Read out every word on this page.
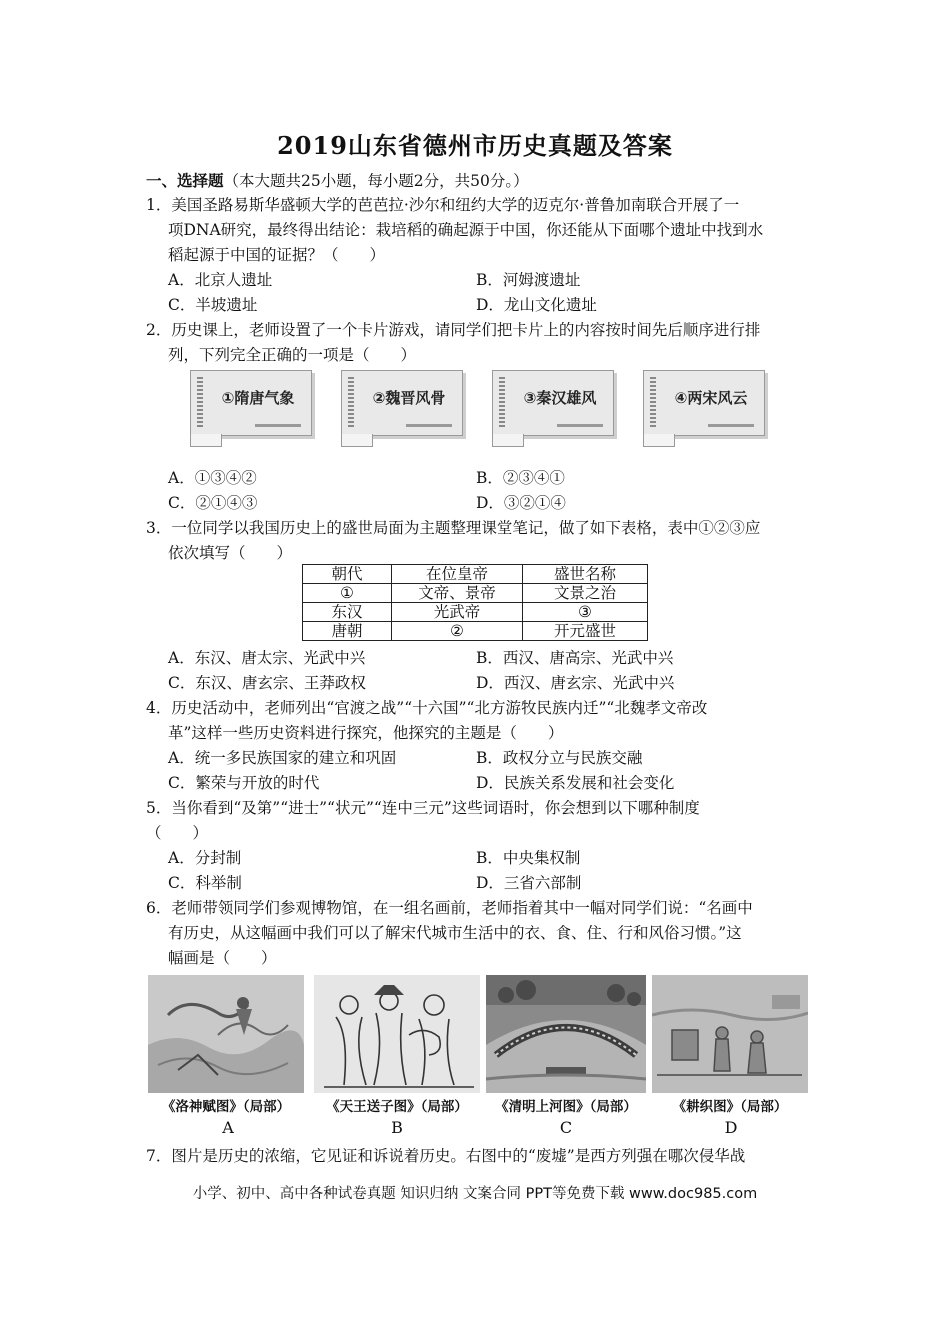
2019山东省德州市历史真题及答案
一、选择题（本大题共25小题，每小题2分，共50分。）
1．美国圣路易斯华盛顿大学的芭芭拉·沙尔和纽约大学的迈克尔·普鲁加南联合开展了一
项DNA研究，最终得出结论：栽培稻的确起源于中国，你还能从下面哪个遗址中找到水
稻起源于中国的证据？（　　）
A．北京人遗址	B．河姆渡遗址
C．半坡遗址	D．龙山文化遗址
2．历史课上，老师设置了一个卡片游戏，请同学们把卡片上的内容按时间先后顺序进行排
列，下列完全正确的一项是（　　）
①隋唐气象	②魏晋风骨	③秦汉雄风	④两宋风云
A．①③④②	B．②③④①
C．②①④③	D．③②①④
3．一位同学以我国历史上的盛世局面为主题整理课堂笔记，做了如下表格，表中①②③应
依次填写（　　）
朝代	在位皇帝	盛世名称
①	文帝、景帝	文景之治
东汉	光武帝	③
唐朝	②	开元盛世
A．东汉、唐太宗、光武中兴	B．西汉、唐高宗、光武中兴
C．东汉、唐玄宗、王莽政权	D．西汉、唐玄宗、光武中兴
4．历史活动中，老师列出“官渡之战”“十六国”“北方游牧民族内迁”“北魏孝文帝改
革”这样一些历史资料进行探究，他探究的主题是（　　）
A．统一多民族国家的建立和巩固	B．政权分立与民族交融
C．繁荣与开放的时代	D．民族关系发展和社会变化
5．当你看到“及第”“进士”“状元”“连中三元”这些词语时，你会想到以下哪种制度
（　　）
A．分封制	B．中央集权制
C．科举制	D．三省六部制
6．老师带领同学们参观博物馆，在一组名画前，老师指着其中一幅对同学们说：“名画中
有历史，从这幅画中我们可以了解宋代城市生活中的衣、食、住、行和风俗习惯。”这
幅画是（　　）
《洛神赋图》（局部）	《天王送子图》（局部）	《清明上河图》（局部）	《耕织图》（局部）
A	B	C	D
7．图片是历史的浓缩，它见证和诉说着历史。右图中的“废墟”是西方列强在哪次侵华战
小学、初中、高中各种试卷真题 知识归纳 文案合同 PPT等免费下载 www.doc985.com
